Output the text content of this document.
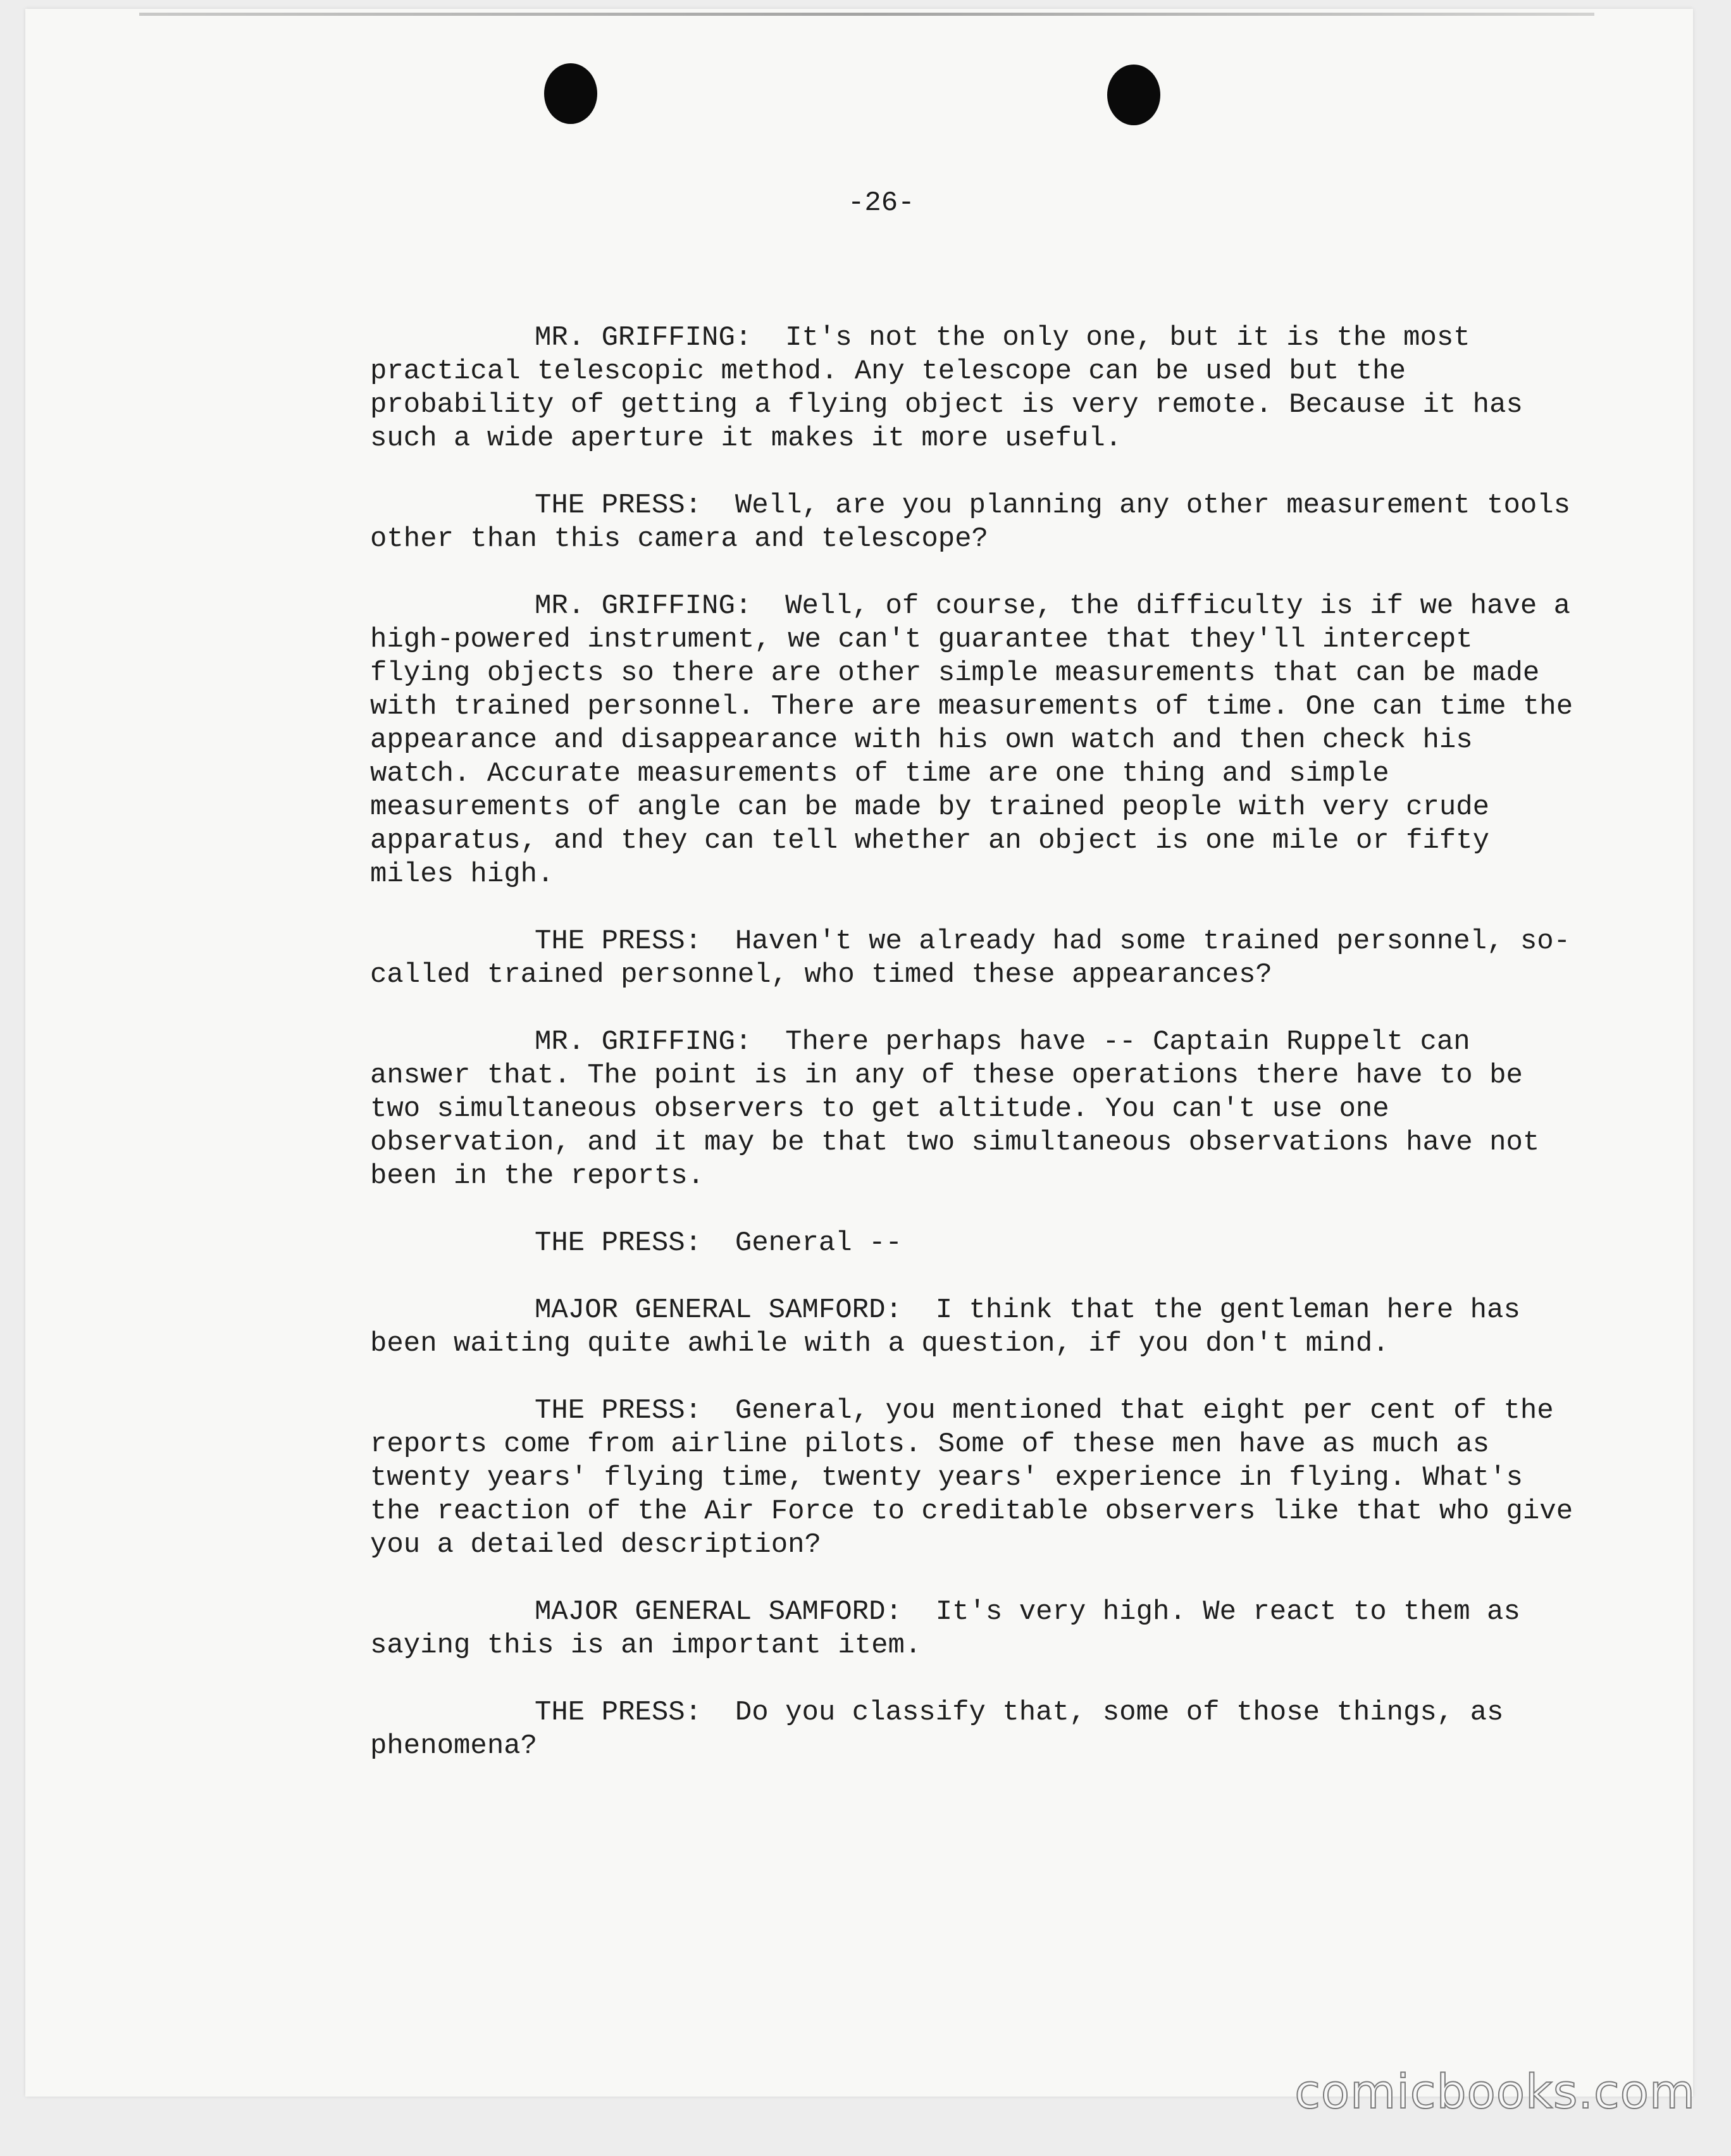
-26-

MR. GRIFFING: It's not the only one, but it is the most practical telescopic method. Any telescope can be used but the probability of getting a flying object is very remote. Because it has such a wide aperture it makes it more useful.

THE PRESS: Well, are you planning any other measurement tools other than this camera and telescope?

MR. GRIFFING: Well, of course, the difficulty is if we have a high-powered instrument, we can't guarantee that they'll intercept flying objects so there are other simple measurements that can be made with trained personnel. There are measurements of time. One can time the appearance and disappearance with his own watch and then check his watch. Accurate measurements of time are one thing and simple measurements of angle can be made by trained people with very crude apparatus, and they can tell whether an object is one mile or fifty miles high.

THE PRESS: Haven't we already had some trained personnel, so-called trained personnel, who timed these appearances?

MR. GRIFFING: There perhaps have -- Captain Ruppelt can answer that. The point is in any of these operations there have to be two simultaneous observers to get altitude. You can't use one observation, and it may be that two simultaneous observations have not been in the reports.

THE PRESS: General --

MAJOR GENERAL SAMFORD: I think that the gentleman here has been waiting quite awhile with a question, if you don't mind.

THE PRESS: General, you mentioned that eight per cent of the reports come from airline pilots. Some of these men have as much as twenty years' flying time, twenty years' experience in flying. What's the reaction of the Air Force to creditable observers like that who give you a detailed description?

MAJOR GENERAL SAMFORD: It's very high. We react to them as saying this is an important item.

THE PRESS: Do you classify that, some of those things, as phenomena?

comicbooks.com
